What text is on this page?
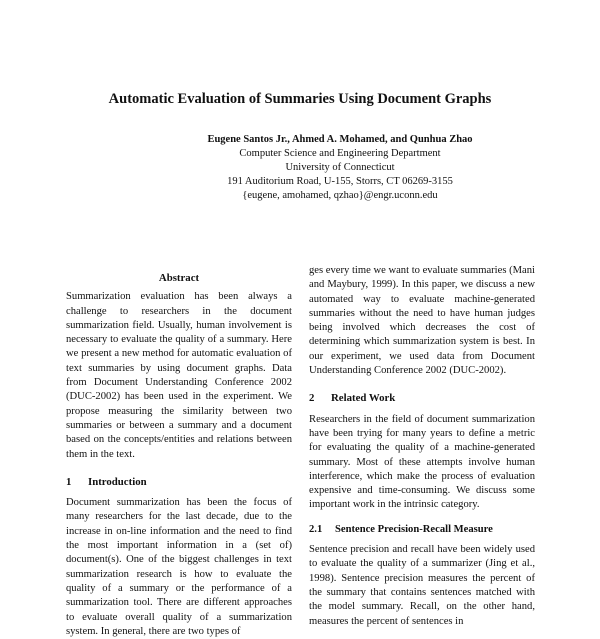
Automatic Evaluation of Summaries Using Document Graphs
Eugene Santos Jr., Ahmed A. Mohamed, and Qunhua Zhao
Computer Science and Engineering Department
University of Connecticut
191 Auditorium Road, U-155, Storrs, CT 06269-3155
{eugene, amohamed, qzhao}@engr.uconn.edu
Abstract

Summarization evaluation has been always a challenge to researchers in the document summarization field. Usually, human involvement is necessary to evaluate the quality of a summary. Here we present a new method for automatic evaluation of text summaries by using document graphs. Data from Document Understanding Conference 2002 (DUC-2002) has been used in the experiment. We propose measuring the similarity between two summaries or between a summary and a document based on the concepts/entities and relations between them in the text.

1 Introduction

Document summarization has been the focus of many researchers for the last decade, due to the increase in on-line information and the need to find the most important information in a (set of) document(s). One of the biggest challenges in text summarization research is how to evaluate the quality of a summary or the performance of a summarization tool. There are different approaches to evaluate overall quality of a summarization system. In general, there are two types of

ges every time we want to evaluate summaries (Mani and Maybury, 1999). In this paper, we discuss a new automated way to evaluate machine-generated summaries without the need to have human judges being involved which decreases the cost of determining which summarization system is best. In our experiment, we used data from Document Understanding Conference 2002 (DUC-2002).

2 Related Work

Researchers in the field of document summarization have been trying for many years to define a metric for evaluating the quality of a machine-generated summary. Most of these attempts involve human interference, which make the process of evaluation expensive and time-consuming. We discuss some important work in the intrinsic category.

2.1 Sentence Precision-Recall Measure

Sentence precision and recall have been widely used to evaluate the quality of a summarizer (Jing et al., 1998). Sentence precision measures the percent of the summary that contains sentences matched with the model summary. Recall, on the other hand, measures the percent of sentences in
